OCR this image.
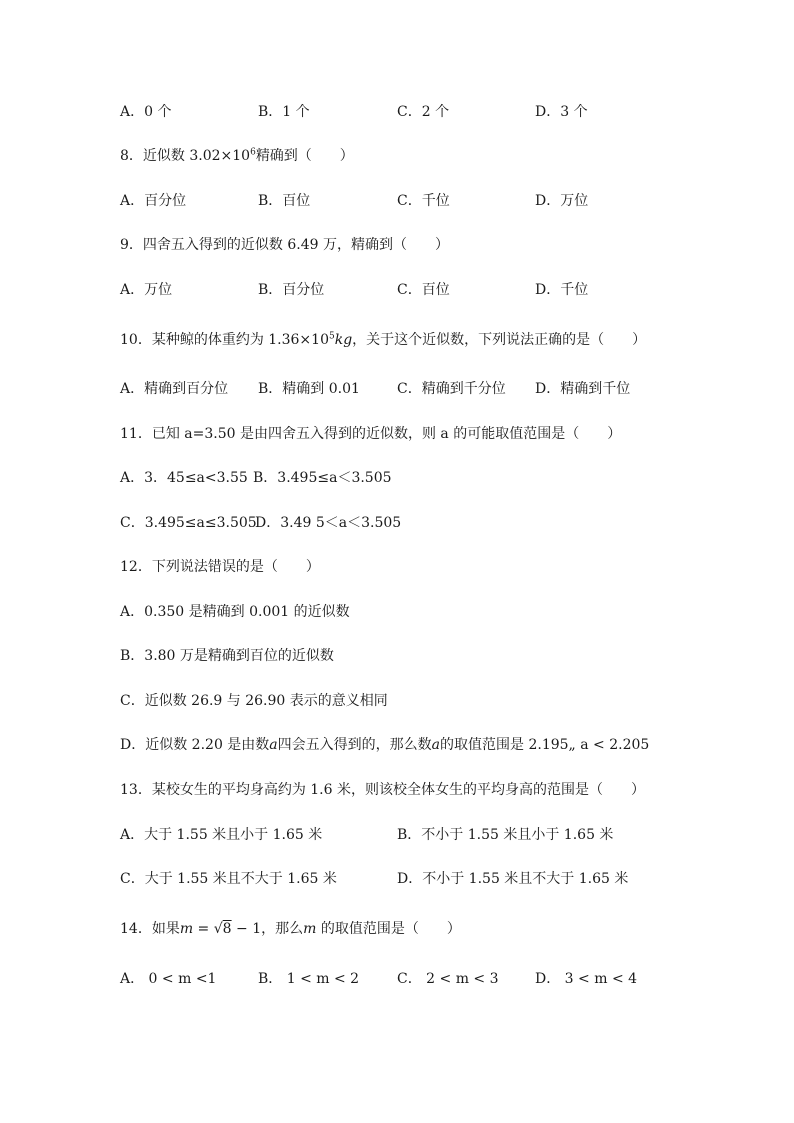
A．0 个	B．1 个	C．2 个	D．3 个
8．近似数 $3.02\times 10^6$精确到（　　）
A．百分位	B．百位	C．千位	D．万位
9．四舍五入得到的近似数 6.49 万，精确到（　　）
A．万位	B．百分位	C．百位	D．千位
10．某种鲸的体重约为 $1.36\times 10^5kg$，关于这个近似数，下列说法正确的是（　　）
A．精确到百分位 B．精确到 0.01	C．精确到千分位 D．精确到千位
11．已知 a=3.50 是由四舍五入得到的近似数，则 a 的可能取值范围是（　　）
A．3．45≤a<3.55 B．3.495≤a＜3.505
C．3.495≤a≤3.505
D．3.49 5＜a＜3.505
12．下列说法错误的是（　　）
A．0.350 是精确到 0.001 的近似数
B．3.80 万是精确到百位的近似数
C．近似数 26.9 与 26.90 表示的意义相同
D．近似数 2.20 是由数a四会五入得到的，那么数a的取值范围是 2.195„ a < 2.205
13．某校女生的平均身高约为 1.6 米，则该校全体女生的平均身高的范围是（　　）
A．大于 1.55 米且小于 1.65 米	B．不小于 1.55 米且小于 1.65 米
C．大于 1.55 米且不大于 1.65 米	D．不小于 1.55 米且不大于 1.65 米
14．如果m = √8 − 1，那么m 的取值范围是（　　）
A． 0 < m <1	B． 1 < m < 2	C． 2 < m < 3	D． 3 < m < 4
